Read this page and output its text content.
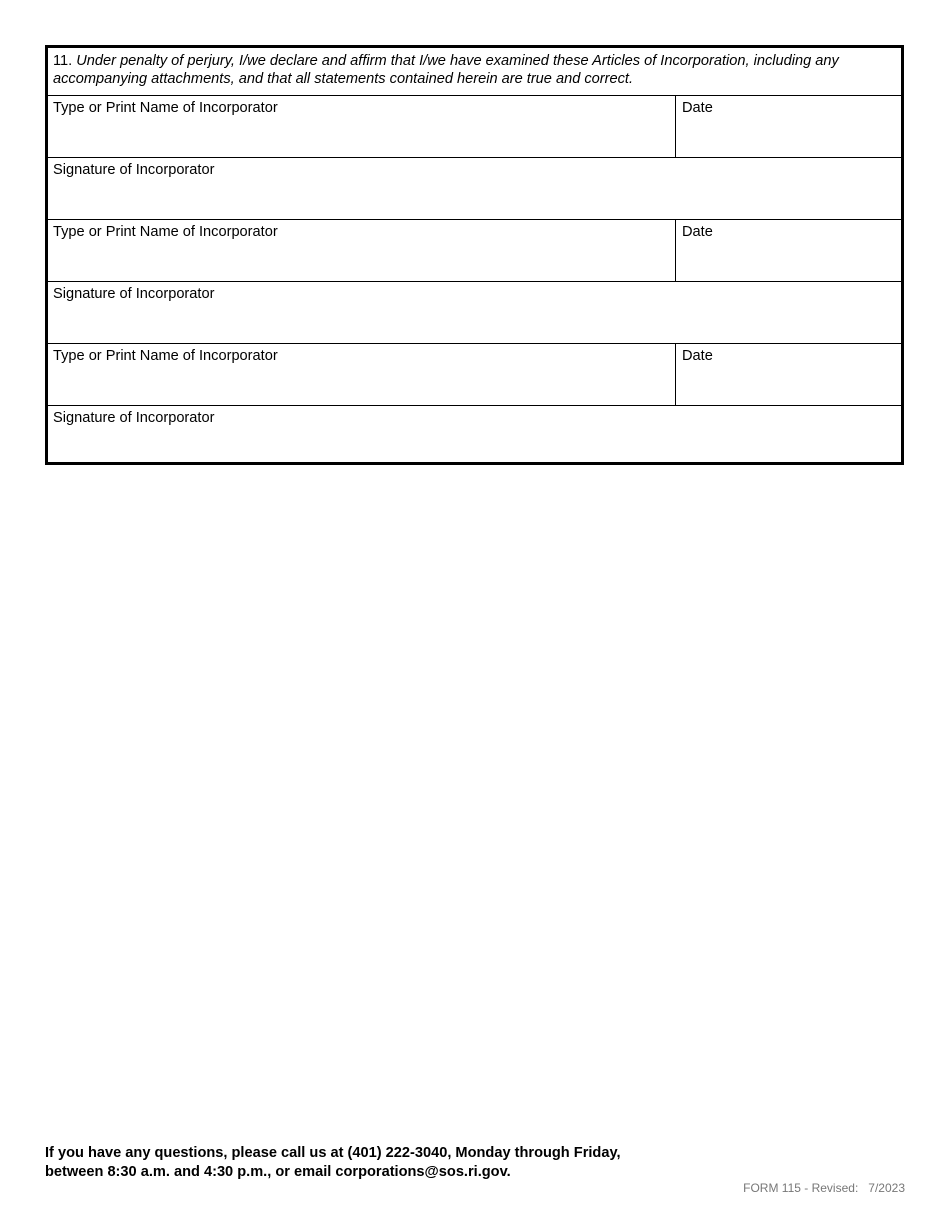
11. Under penalty of perjury, I/we declare and affirm that I/we have examined these Articles of Incorporation, including any accompanying attachments, and that all statements contained herein are true and correct.
Type or Print Name of Incorporator	Date
Signature of Incorporator
Type or Print Name of Incorporator	Date
Signature of Incorporator
Type or Print Name of Incorporator	Date
Signature of Incorporator
If you have any questions, please call us at (401) 222-3040, Monday through Friday,
between 8:30 a.m. and 4:30 p.m., or email corporations@sos.ri.gov.
FORM 115 - Revised:   7/2023
